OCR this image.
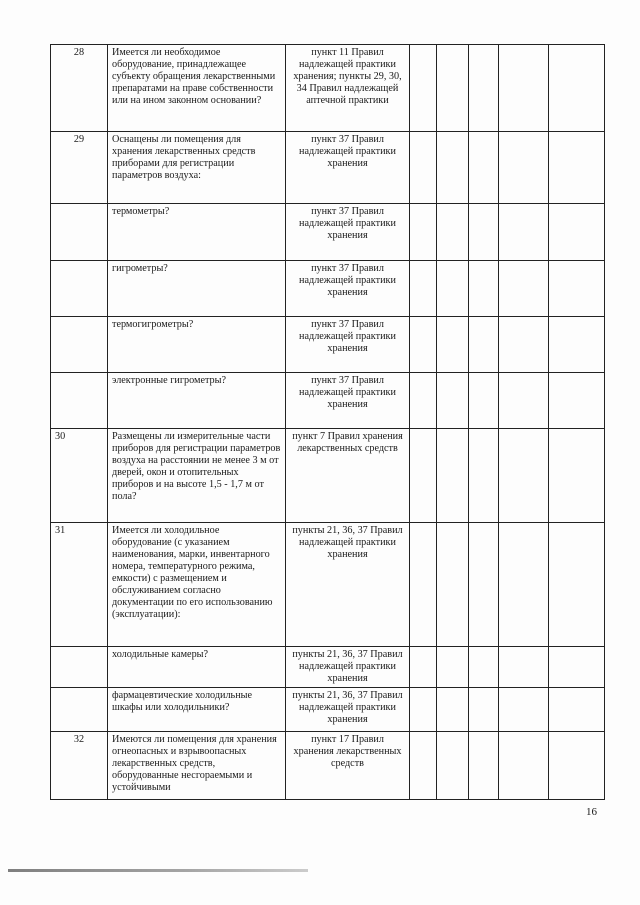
28	Имеется ли необходимое оборудование, принадлежащее субъекту обращения лекарственными препаратами на праве собственности или на ином законном основании?	пункт 11 Правил надлежащей практики хранения; пункты 29, 30, 34 Правил надлежащей аптечной практики					
29	Оснащены ли помещения для хранения лекарственных средств приборами для регистрации параметров воздуха:	пункт 37 Правил надлежащей практики хранения					
	термометры?	пункт 37 Правил надлежащей практики хранения					
	гигрометры?	пункт 37 Правил надлежащей практики хранения					
	термогигрометры?	пункт 37 Правил надлежащей практики хранения					
	электронные гигрометры?	пункт 37 Правил надлежащей практики хранения					
30	Размещены ли измерительные части приборов для регистрации параметров воздуха на расстоянии не менее 3 м от дверей, окон и отопительных приборов и на высоте 1,5 - 1,7 м от пола?	пункт 7 Правил хранения лекарственных средств					
31	Имеется ли холодильное оборудование (с указанием наименования, марки, инвентарного номера, температурного режима, емкости) с размещением и обслуживанием согласно документации по его использованию (эксплуатации):	пункты 21, 36, 37 Правил надлежащей практики хранения					
	холодильные камеры?	пункты 21, 36, 37 Правил надлежащей практики хранения					
	фармацевтические холодильные шкафы или холодильники?	пункты 21, 36, 37 Правил надлежащей практики хранения					
32	Имеются ли помещения для хранения огнеопасных и взрывоопасных лекарственных средств, оборудованные несгораемыми и устойчивыми	пункт 17 Правил хранения лекарственных средств					
16
